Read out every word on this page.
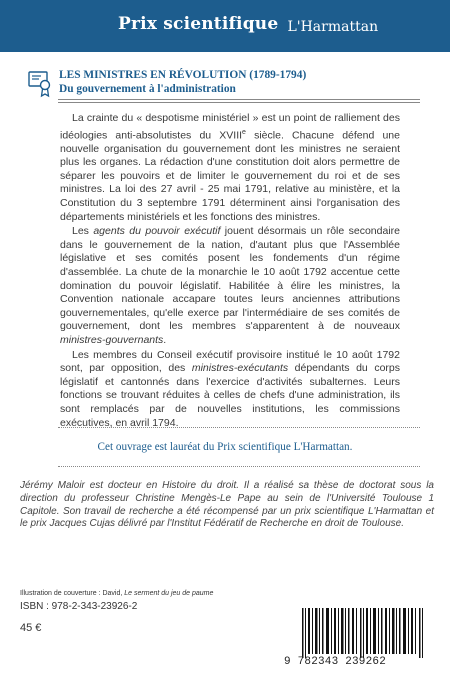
Prix scientifique L'Harmattan
LES MINISTRES EN RÉVOLUTION (1789-1794)
Du gouvernement à l'administration

La crainte du « despotisme ministériel » est un point de ralliement des idéologies anti-absolutistes du XVIIIe siècle. Chacune défend une nouvelle organisation du gouvernement dont les ministres ne seraient plus les organes. La rédaction d'une constitution doit alors permettre de séparer les pouvoirs et de limiter le gouvernement du roi et de ses ministres. La loi des 27 avril - 25 mai 1791, relative au ministère, et la Constitution du 3 septembre 1791 déterminent ainsi l'organisation des départements ministériels et les fonctions des ministres.

Les agents du pouvoir exécutif jouent désormais un rôle secondaire dans le gouvernement de la nation, d'autant plus que l'Assemblée législative et ses comités posent les fondements d'un régime d'assemblée. La chute de la monarchie le 10 août 1792 accentue cette domination du pouvoir législatif. Habilitée à élire les ministres, la Convention nationale accapare toutes leurs anciennes attributions gouvernementales, qu'elle exerce par l'intermédiaire de ses comités de gouvernement, dont les membres s'apparentent à de nouveaux ministres-gouvernants.

Les membres du Conseil exécutif provisoire institué le 10 août 1792 sont, par opposition, des ministres-exécutants dépendants du corps législatif et cantonnés dans l'exercice d'activités subalternes. Leurs fonctions se trouvant réduites à celles de chefs d'une administration, ils sont remplacés par de nouvelles institutions, les commissions exécutives, en avril 1794.

Cet ouvrage est lauréat du Prix scientifique L'Harmattan.
Jérémy Maloir est docteur en Histoire du droit. Il a réalisé sa thèse de doctorat sous la direction du professeur Christine Mengès-Le Pape au sein de l'Université Toulouse 1 Capitole. Son travail de recherche a été récompensé par un prix scientifique L'Harmattan et le prix Jacques Cujas délivré par l'Institut Fédératif de Recherche en droit de Toulouse.
Illustration de couverture : David, Le serment du jeu de paume
ISBN : 978-2-343-23926-2
45 €
9 782343 239262
